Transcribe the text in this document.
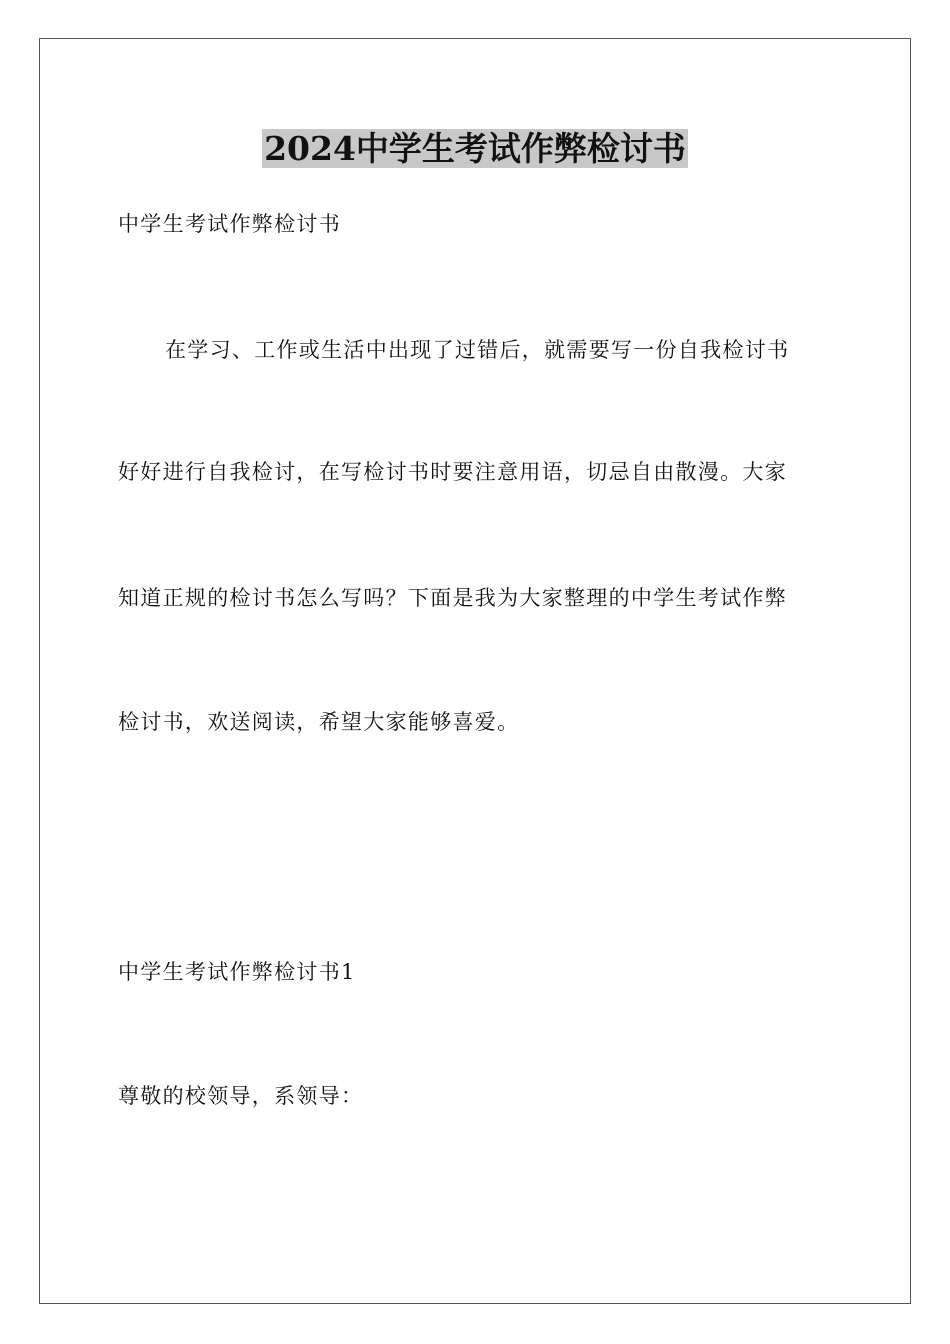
2024中学生考试作弊检讨书
中学生考试作弊检讨书
在学习、工作或生活中出现了过错后，就需要写一份自我检讨书
好好进行自我检讨，在写检讨书时要注意用语，切忌自由散漫。大家
知道正规的检讨书怎么写吗？下面是我为大家整理的中学生考试作弊
检讨书，欢送阅读，希望大家能够喜爱。
中学生考试作弊检讨书1
尊敬的校领导，系领导：
